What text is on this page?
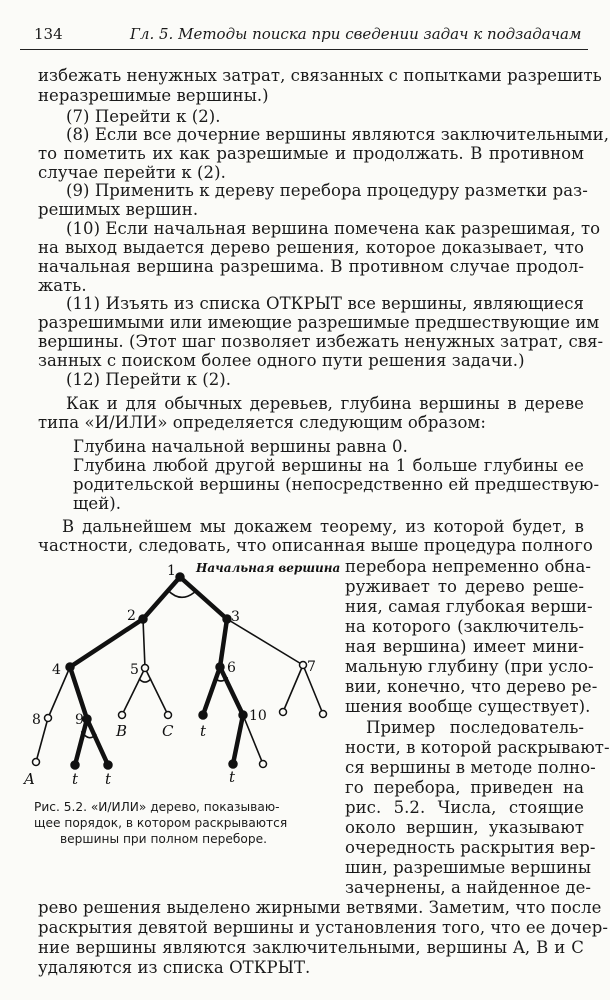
134	Гл. 5. Методы поиска при сведении задач к подзадачам
избежать ненужных затрат, связанных с попытками разрешить
неразрешимые вершины.)
(7) Перейти к (2).
(8) Если все дочерние вершины являются заключительными,
то пометить их как разрешимые и продолжать. В противном
случае перейти к (2).
(9) Применить к дереву перебора процедуру разметки раз-
решимых вершин.
(10) Если начальная вершина помечена как разрешимая, то
на выход выдается дерево решения, которое доказывает, что
начальная вершина разрешима. В противном случае продол-
жать.
(11) Изъять из списка ОТКРЫТ все вершины, являющиеся
разрешимыми или имеющие разрешимые предшествующие им
вершины. (Этот шаг позволяет избежать ненужных затрат, свя-
занных с поиском более одного пути решения задачи.)
(12) Перейти к (2).
Как и для обычных деревьев, глубина вершины в дереве
типа «И/ИЛИ» определяется следующим образом:
Глубина начальной вершины равна 0.
Глубина любой другой вершины на 1 больше глубины ее
родительской вершины (непосредственно ей предшествую-
щей).
В дальнейшем мы докажем теорему, из которой будет, в
частности, следовать, что описанная выше процедура полного
перебора непременно обна-
руживает то дерево реше-
ния, самая глубокая верши-
на которого (заключитель-
ная вершина) имеет мини-
мальную глубину (при усло-
вии, конечно, что дерево ре-
шения вообще существует).
Пример последователь-
ности, в которой раскрывают-
ся вершины в методе полно-
го перебора, приведен на
рис. 5.2. Числа, стоящие
около вершин, указывают
очередность раскрытия вер-
шин, разрешимые вершины
зачернены, а найденное де-
рево решения выделено жирными ветвями. Заметим, что после
раскрытия девятой вершины и установления того, что ее дочер-
ние вершины являются заключительными, вершины A, B и C
удаляются из списка ОТКРЫТ.
Начальная вершина
1
2	3
4	5	6	7
8 9	10
B C t
A t t	t
Рис. 5.2. «И/ИЛИ» дерево, показываю-
щее порядок, в котором раскрываются
вершины при полном переборе.
